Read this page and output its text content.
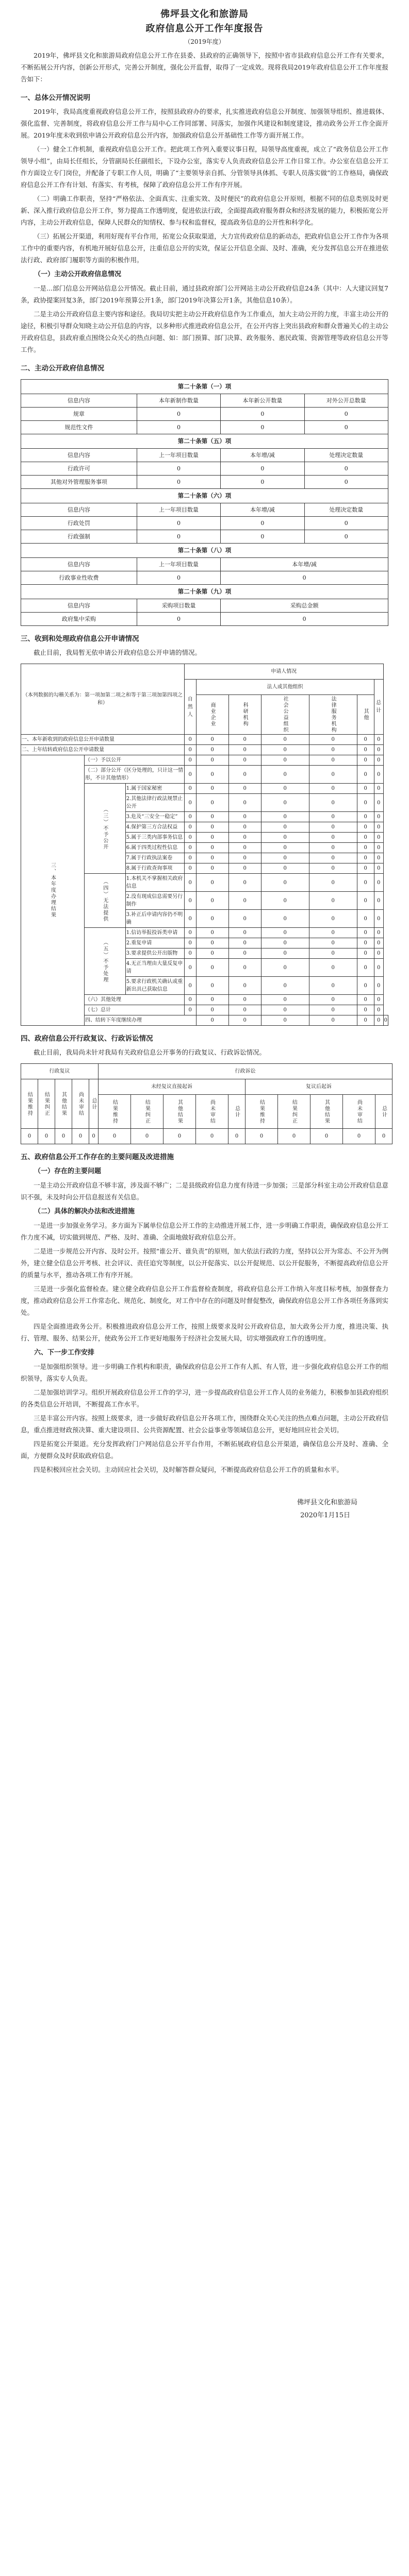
佛坪县文化和旅游局
政府信息公开工作年度报告
（2019年度）

2019年，佛坪县文化和旅游局政府信息公开工作在县委、县政府的正确领导下，按照中省市县政府信息公开工作有关要求，不断拓展公开内容，创新公开形式，完善公开制度，强化公开监督，取得了一定成效。现将我局2019年政府信息公开工作年度报告如下：

一、总体公开情况说明

2019年，我局高度重视政府信息公开工作，按照县政府办的要求，扎实推进政府信息公开制度、加强领导组织、推进载体、强化监督、完善制度，将政府信息公开工作与局中心工作同部署、同落实，加强作风建设和制度建设，推动政务公开工作全面开展。2019年度未收到依申请公开政府信息公开内容，加强政府信息公开基础性工作等方面开展工作。

（一）健全工作机制，重视政府信息公开工作。把此项工作列入重要议事日程，局领导高度重视，成立了“政务信息公开工作领导小组”，由局长任组长，分管副局长任副组长，下设办公室，落实专人负责政府信息公开工作日常工作。办公室在信息公开工作方面设立专门岗位，并配备了专职工作人员，明确了“主要领导亲自抓、分管领导具体抓、专职人员落实做”的工作格局，确保政府信息公开工作有计划、有落实、有考核，保障了政府信息公开工作有序开展。

（二）明确工作职责，坚持“严格依法、全面真实、注重实效、及时便民”的政府信息公开原则，根据不同的信息类别及时更新、深入推行政府信息公开工作，努力提高工作透明度，促进依法行政，全面提高政府服务群众和经济发展的能力，积极拓宽公开内容，主动公开政府信息，保障人民群众的知情权、参与权和监督权，提高政务信息的公开性和科学化。

（三）拓展公开渠道，利用好现有平台作用，拓宽公众获取渠道，大力宣传政府信息的新动态，把政府信息公开工作作为各项工作中的重要内容，有机地开展好信息公开，注重信息公开的实效，保证公开信息全面、及时、准确，充分发挥信息公开在推进依法行政、政府部门履职等方面的积极作用。

（一）主动公开政府信息情况

一是...部门信息公开网站信息公开情况。截止目前，通过县政府部门公开网站主动公开政府信息24条（其中：人大建议回复7条，政协提案回复3条，部门2019年预算公开1条，部门2019年决算公开1条，其他信息10条）。

二是主动公开政府信息主要内容和途径。我局切实把主动公开政府信息作为工作重点，加大主动公开的力度，丰富主动公开的途径，积极引导群众知晓主动公开信息的内容，以多种形式推进政府信息公开，在公开内容上突出县政府和群众普遍关心的主动公开政府信息，县政府重点围绕公众关心的热点问题、如：部门预算、部门决算、政务服务、惠民政策、资源管理等政府信息公开等工作。

二、主动公开政府信息情况
第二十条第（一）项			
信息内容	本年新制作数量	本年新公开数量	对外公开总数量
规章	0	0	0
规范性文件	0	0	0
第二十条第（五）项			
信息内容	上一年项目数量	本年增/减	处理决定数量
行政许可	0	0	0
其他对外管理服务事项	0	0	0
第二十条第（六）项			
信息内容	上一年项目数量	本年增/减	处理决定数量
行政处罚	0	0	0
行政强制	0	0	0
第二十条第（八）项			
信息内容	上一年项目数量	本年增/减	
行政事业性收费	0	0	
第二十条第（九）项			
信息内容	采购项目数量	采购总金额	
政府集中采购	0	0	
三、收到和处理政府信息公开申请情况

截止目前，我局暂无依申请公开政府信息公开申请的情况。

（本列数据的勾稽关系为：第一项加第二项之和等于第三项加第四项之和）			申请人情况							
			自然人	法人或其他组织					总计	
				商业企业	科研机构	社会公益组织	法律服务机构	其他		
一、本年新收到的政府信息公开申请数量			0	0	0	0	0	0	0	
二、上年结转政府信息公开申请数量			0	0	0	0	0	0	0	
三、本年度办理结果	（一）予以公开		0	0	0	0	0	0	0	
	（二）部分公开（区分处理的，只计这一情形，不计其他情形）		0	0	0	0	0	0	0	
	（三）不予公开	1.属于国家秘密	0	0	0	0	0	0	0	
		2.其他法律行政法规禁止公开	0	0	0	0	0	0	0	
		3.危及“三安全一稳定”	0	0	0	0	0	0	0	
		4.保护第三方合法权益	0	0	0	0	0	0	0	
		5.属于三类内部事务信息	0	0	0	0	0	0	0	
		6.属于四类过程性信息	0	0	0	0	0	0	0	
		7.属于行政执法案卷	0	0	0	0	0	0	0	
		8.属于行政查询事项	0	0	0	0	0	0	0	
	（四）无法提供	1.本机关不掌握相关政府信息	0	0	0	0	0	0	0	
		2.没有现成信息需要另行制作	0	0	0	0	0	0	0	
		3.补正后申请内容仍不明确	0	0	0	0	0	0	0	
	（五）不予处理	1.信访举报投诉类申请	0	0	0	0	0	0	0	
		2.重复申请	0	0	0	0	0	0	0	
		3.要求提供公开出版物	0	0	0	0	0	0	0	
		4.无正当理由大量反复申请	0	0	0	0	0	0	0	
		5.要求行政机关确认或重新出具已获取信息	0	0	0	0	0	0	0	
	（六）其他处理		0	0	0	0	0	0	0	
	（七）总计		0	0	0	0	0	0	0	
	四、结转下年度继续办理			0	0	0	0	0	0	0
四、政府信息公开行政复议、行政诉讼情况

截止目前，我局尚未针对我局有关政府信息公开事务的行政复议、行政诉讼情况。

行政复议					行政诉讼									
结果维持	结果纠正	其他结果	尚未审结	总计	未经复议直接起诉					复议后起诉				
					结果维持	结果纠正	其他结果	尚未审结	总计	结果维持	结果纠正	其他结果	尚未审结	总计
0	0	0	0	0	0	0	0	0	0	0	0	0	0	0
五、政府信息公开工作存在的主要问题及改进措施
（一）存在的主要问题

一是主动公开政府信息不够丰富，涉及面不够广；二是县级政府信息力度有待进一步加强；三是部分科室主动公开政府信息意识不强，未及时向公开信息报送有关信息。

（二）具体的解决办法和改进措施

一是进一步加强业务学习。多方面为下属单位信息公开工作的主动推进开展工作，进一步明确工作职责，确保政府信息公开工作力度不减，切实做到规范、严格、及时、准确、全面地做好政府信息公开。

二是进一步规范公开内容、及时公开。按照“谁公开、谁负责”的原则，加大依法行政的力度，坚持以公开为常态、不公开为例外，建立健全信息公开考核、社会评议、责任追究等制度，以公开促落实、以公开促规范、以公开促服务，不断提高政府信息公开的质量与水平，推动各项工作有序开展。

三是进一步强化监督检查。建立健全政府信息公开工作监督检查制度，将政府信息公开工作纳入年度目标考核，加强督查力度，推动政府信息公开工作常态化、规范化、制度化，对工作中存在的问题及时督促整改，确保政府信息公开工作各项任务落到实处。

四是全面推进政务公开。积极推进政府信息公开工作，按照上级要求及时公开政府信息，加大政务公开力度，推进决策、执行、管理、服务、结果公开，使政务公开工作更好地服务于经济社会发展大局，切实增强政府工作的透明度。

六、下一步工作安排

一是加强组织领导。进一步明确工作机构和职责，确保政府信息公开工作有人抓、有人管，进一步强化政府信息公开工作的组织领导，落实专人负责。

二是加强培训学习。组织开展政府信息公开工作的学习，进一步提高政府信息公开工作人员的业务能力，积极参加县政府组织的各类信息公开培训，不断提高工作水平。

三是丰富公开内容。按照上级要求，进一步做好政府信息公开各项工作，围绕群众关心关注的热点难点问题，主动公开政府信息，重点推进财政预决算、重大建设项目、公共资源配置、社会公益事业等领域信息公开，更好地回应社会关切。

四是拓宽公开渠道。充分发挥政府门户网站信息公开平台作用，不断拓展政府信息公开渠道，确保信息公开及时、准确、全面，方便群众及时获取政府信息。

四是积极回应社会关切。主动回应社会关切，及时解答群众疑问，不断提高政府信息公开工作的质量和水平。

佛坪县文化和旅游局
2020年1月15日
